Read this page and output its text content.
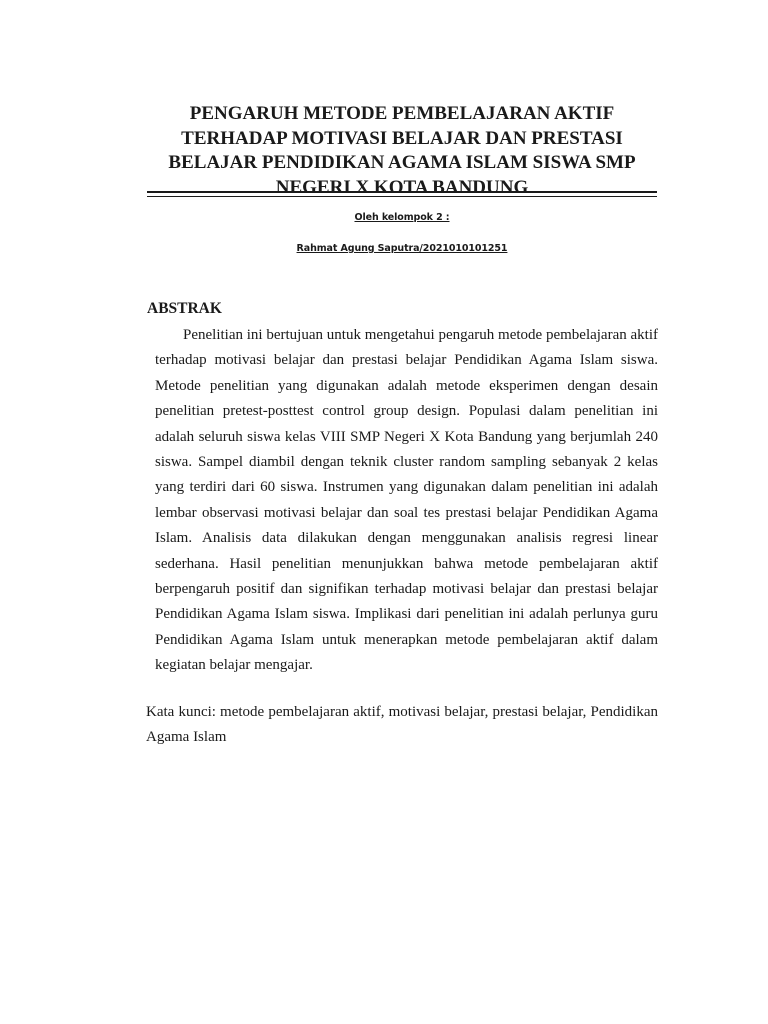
PENGARUH METODE PEMBELAJARAN AKTIF TERHADAP MOTIVASI BELAJAR DAN PRESTASI BELAJAR PENDIDIKAN AGAMA ISLAM SISWA SMP NEGERI X KOTA BANDUNG

Oleh kelompok 2 :

Rahmat Agung Saputra/2021010101251

ABSTRAK

Penelitian ini bertujuan untuk mengetahui pengaruh metode pembelajaran aktif terhadap motivasi belajar dan prestasi belajar Pendidikan Agama Islam siswa. Metode penelitian yang digunakan adalah metode eksperimen dengan desain penelitian pretest-posttest control group design. Populasi dalam penelitian ini adalah seluruh siswa kelas VIII SMP Negeri X Kota Bandung yang berjumlah 240 siswa. Sampel diambil dengan teknik cluster random sampling sebanyak 2 kelas yang terdiri dari 60 siswa. Instrumen yang digunakan dalam penelitian ini adalah lembar observasi motivasi belajar dan soal tes prestasi belajar Pendidikan Agama Islam. Analisis data dilakukan dengan menggunakan analisis regresi linear sederhana. Hasil penelitian menunjukkan bahwa metode pembelajaran aktif berpengaruh positif dan signifikan terhadap motivasi belajar dan prestasi belajar Pendidikan Agama Islam siswa. Implikasi dari penelitian ini adalah perlunya guru Pendidikan Agama Islam untuk menerapkan metode pembelajaran aktif dalam kegiatan belajar mengajar.

Kata kunci: metode pembelajaran aktif, motivasi belajar, prestasi belajar, Pendidikan Agama Islam
